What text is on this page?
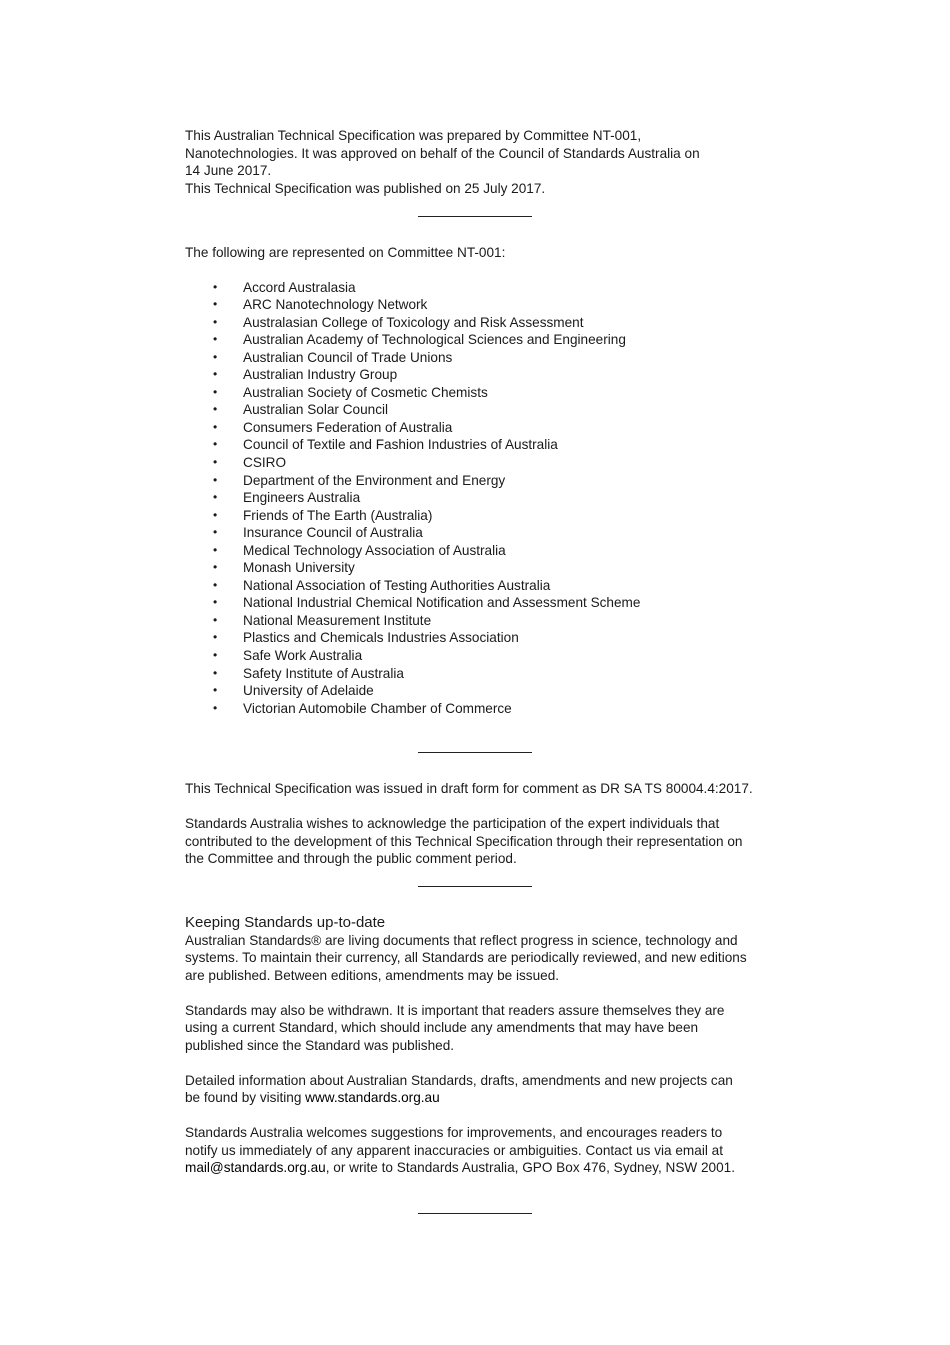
This Australian Technical Specification was prepared by Committee NT-001,

Nanotechnologies. It was approved on behalf of the Council of Standards Australia on

14 June 2017.

This Technical Specification was published on 25 July 2017.

The following are represented on Committee NT-001:

• Accord Australasia
• ARC Nanotechnology Network
• Australasian College of Toxicology and Risk Assessment
• Australian Academy of Technological Sciences and Engineering
• Australian Council of Trade Unions
• Australian Industry Group
• Australian Society of Cosmetic Chemists
• Australian Solar Council
• Consumers Federation of Australia
• Council of Textile and Fashion Industries of Australia
• CSIRO
• Department of the Environment and Energy
• Engineers Australia
• Friends of The Earth (Australia)
• Insurance Council of Australia
• Medical Technology Association of Australia
• Monash University
• National Association of Testing Authorities Australia
• National Industrial Chemical Notification and Assessment Scheme
• National Measurement Institute
• Plastics and Chemicals Industries Association
• Safe Work Australia
• Safety Institute of Australia
• University of Adelaide
• Victorian Automobile Chamber of Commerce

This Technical Specification was issued in draft form for comment as DR SA TS 80004.4:2017.

Standards Australia wishes to acknowledge the participation of the expert individuals that

contributed to the development of this Technical Specification through their representation on

the Committee and through the public comment period.

Keeping Standards up-to-date

Australian Standards® are living documents that reflect progress in science, technology and

systems. To maintain their currency, all Standards are periodically reviewed, and new editions

are published. Between editions, amendments may be issued.

Standards may also be withdrawn. It is important that readers assure themselves they are

using a current Standard, which should include any amendments that may have been

published since the Standard was published.

Detailed information about Australian Standards, drafts, amendments and new projects can

be found by visiting www.standards.org.au

Standards Australia welcomes suggestions for improvements, and encourages readers to

notify us immediately of any apparent inaccuracies or ambiguities. Contact us via email at

mail@standards.org.au, or write to Standards Australia, GPO Box 476, Sydney, NSW 2001.
